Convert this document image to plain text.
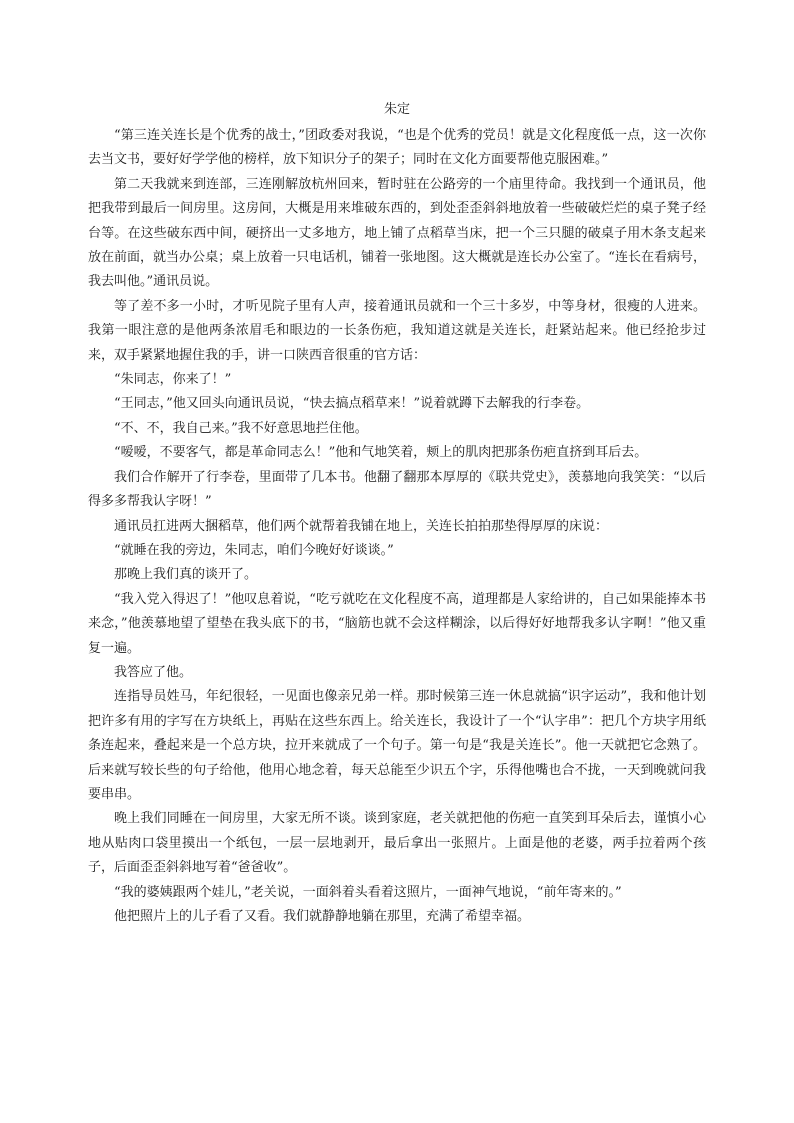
朱定

“第三连关连长是个优秀的战士，”团政委对我说，“也是个优秀的党员！就是文化程度低一点，这一次你去当文书，要好好学学他的榜样，放下知识分子的架子；同时在文化方面要帮他克服困难。”

第二天我就来到连部，三连刚解放杭州回来，暂时驻在公路旁的一个庙里待命。我找到一个通讯员，他把我带到最后一间房里。这房间，大概是用来堆破东西的，到处歪歪斜斜地放着一些破破烂烂的桌子凳子经台等。在这些破东西中间，硬挤出一丈多地方，地上铺了点稻草当床，把一个三只腿的破桌子用木条支起来放在前面，就当办公桌；桌上放着一只电话机，铺着一张地图。这大概就是连长办公室了。“连长在看病号，我去叫他。”通讯员说。

等了差不多一小时，才听见院子里有人声，接着通讯员就和一个三十多岁，中等身材，很瘦的人进来。我第一眼注意的是他两条浓眉毛和眼边的一长条伤疤，我知道这就是关连长，赶紧站起来。他已经抢步过来，双手紧紧地握住我的手，讲一口陕西音很重的官方话：

“朱同志，你来了！”

“王同志，”他又回头向通讯员说，“快去搞点稻草来！”说着就蹲下去解我的行李卷。

“不、不，我自己来。”我不好意思地拦住他。

“嗳嗳，不要客气，都是革命同志么！”他和气地笑着，颊上的肌肉把那条伤疤直挤到耳后去。

我们合作解开了行李卷，里面带了几本书。他翻了翻那本厚厚的《联共党史》，羡慕地向我笑笑：“以后得多多帮我认字呀！”

通讯员扛进两大捆稻草，他们两个就帮着我铺在地上，关连长拍拍那垫得厚厚的床说：

“就睡在我的旁边，朱同志，咱们今晚好好谈谈。”

那晚上我们真的谈开了。

“我入党入得迟了！”他叹息着说，“吃亏就吃在文化程度不高，道理都是人家给讲的，自己如果能捧本书来念，”他羡慕地望了望垫在我头底下的书，“脑筋也就不会这样糊涂，以后得好好地帮我多认字啊！”他又重复一遍。

我答应了他。

连指导员姓马，年纪很轻，一见面也像亲兄弟一样。那时候第三连一休息就搞“识字运动”，我和他计划把许多有用的字写在方块纸上，再贴在这些东西上。给关连长，我设计了一个“认字串”：把几个方块字用纸条连起来，叠起来是一个总方块，拉开来就成了一个句子。第一句是“我是关连长”。他一天就把它念熟了。后来就写较长些的句子给他，他用心地念着，每天总能至少识五个字，乐得他嘴也合不拢，一天到晚就问我要串串。

晚上我们同睡在一间房里，大家无所不谈。谈到家庭，老关就把他的伤疤一直笑到耳朵后去，谨慎小心地从贴肉口袋里摸出一个纸包，一层一层地剥开，最后拿出一张照片。上面是他的老婆，两手拉着两个孩子，后面歪歪斜斜地写着“爸爸收”。

“我的婆姨跟两个娃儿，”老关说，一面斜着头看着这照片，一面神气地说，“前年寄来的。”

他把照片上的儿子看了又看。我们就静静地躺在那里，充满了希望幸福。
